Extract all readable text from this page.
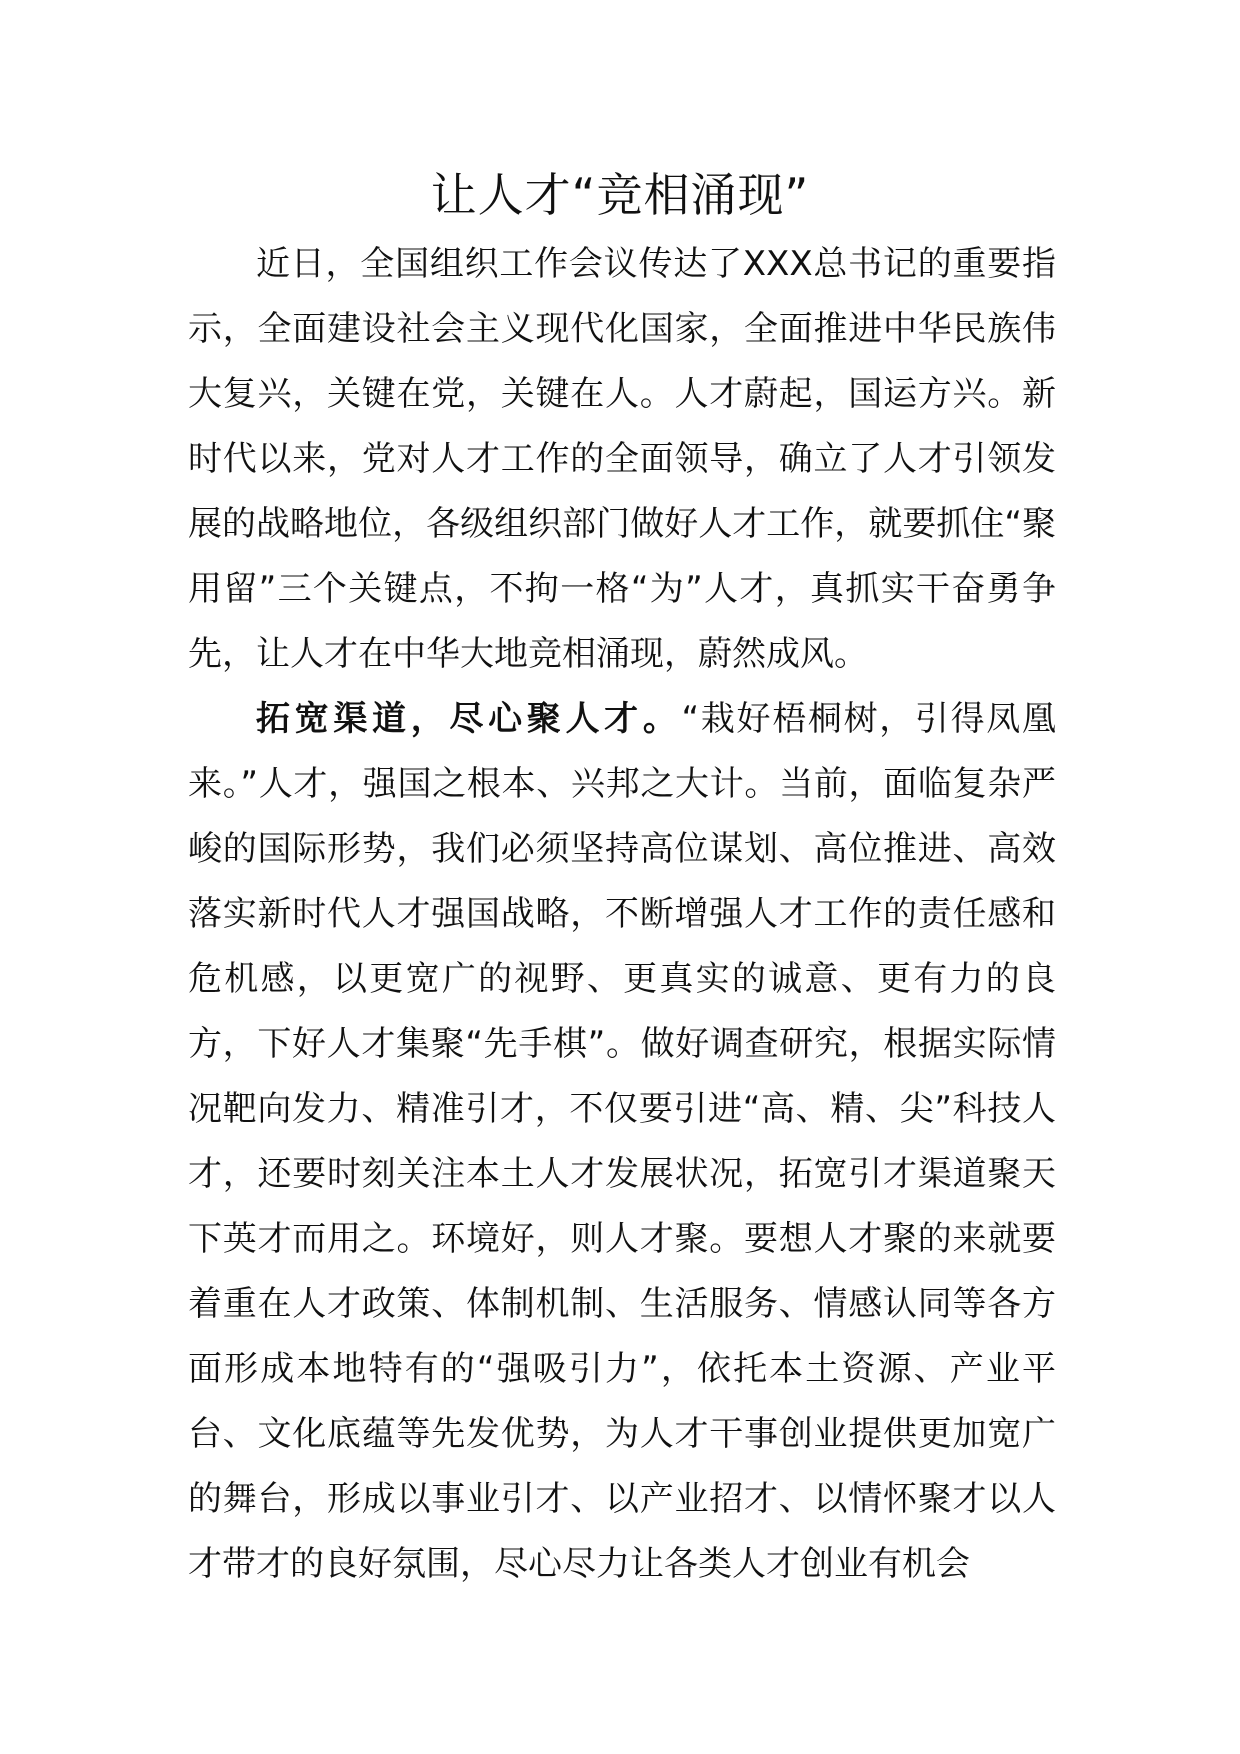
让人才“竞相涌现”

近日，全国组织工作会议传达了XXX总书记的重要指示，全面建设社会主义现代化国家，全面推进中华民族伟大复兴，关键在党，关键在人。人才蔚起，国运方兴。新时代以来，党对人才工作的全面领导，确立了人才引领发展的战略地位，各级组织部门做好人才工作，就要抓住“聚用留”三个关键点，不拘一格“为”人才，真抓实干奋勇争先，让人才在中华大地竞相涌现，蔚然成风。

拓宽渠道，尽心聚人才。“栽好梧桐树，引得凤凰来。”人才，强国之根本、兴邦之大计。当前，面临复杂严峻的国际形势，我们必须坚持高位谋划、高位推进、高效落实新时代人才强国战略，不断增强人才工作的责任感和危机感，以更宽广的视野、更真实的诚意、更有力的良方，下好人才集聚“先手棋”。做好调查研究，根据实际情况靶向发力、精准引才，不仅要引进“高、精、尖”科技人才，还要时刻关注本土人才发展状况，拓宽引才渠道聚天下英才而用之。环境好，则人才聚。要想人才聚的来就要着重在人才政策、体制机制、生活服务、情感认同等各方面形成本地特有的“强吸引力”，依托本土资源、产业平台、文化底蕴等先发优势，为人才干事创业提供更加宽广的舞台，形成以事业引才、以产业招才、以情怀聚才以人才带才的良好氛围，尽心尽力让各类人才创业有机会
